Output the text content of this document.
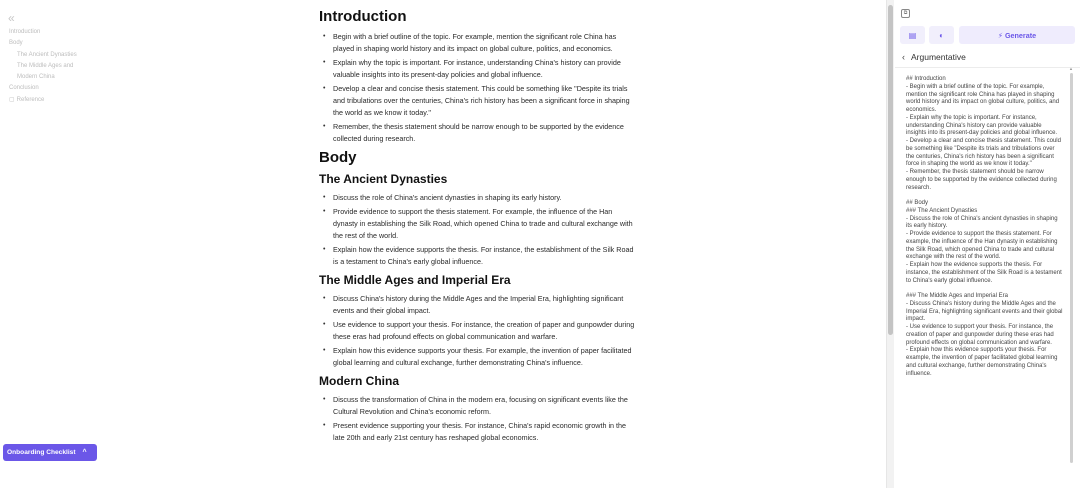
«
Introduction
Body
The Ancient Dynasties
The Middle Ages and
Modern China
Conclusion
▢ Reference
Onboarding Checklist ^
Introduction
• Begin with a brief outline of the topic. For example, mention the significant role China has played in shaping world history and its impact on global culture, politics, and economics.
• Explain why the topic is important. For instance, understanding China's history can provide valuable insights into its present-day policies and global influence.
• Develop a clear and concise thesis statement. This could be something like "Despite its trials and tribulations over the centuries, China's rich history has been a significant force in shaping the world as we know it today."
• Remember, the thesis statement should be narrow enough to be supported by the evidence collected during research.
Body
The Ancient Dynasties
• Discuss the role of China's ancient dynasties in shaping its early history.
• Provide evidence to support the thesis statement. For example, the influence of the Han dynasty in establishing the Silk Road, which opened China to trade and cultural exchange with the rest of the world.
• Explain how the evidence supports the thesis. For instance, the establishment of the Silk Road is a testament to China's early global influence.
The Middle Ages and Imperial Era
• Discuss China's history during the Middle Ages and the Imperial Era, highlighting significant events and their global impact.
• Use evidence to support your thesis. For instance, the creation of paper and gunpowder during these eras had profound effects on global communication and warfare.
• Explain how this evidence supports your thesis. For example, the invention of paper facilitated global learning and cultural exchange, further demonstrating China's influence.
Modern China
• Discuss the transformation of China in the modern era, focusing on significant events like the Cultural Revolution and China's economic reform.
• Present evidence supporting your thesis. For instance, China's rapid economic growth in the late 20th and early 21st century has reshaped global economics.
⧉
▤	◐	⚡ Generate
‹ Argumentative

## Introduction

- Begin with a brief outline of the topic. For example, mention the significant role China has played in shaping world history and its impact on global culture, politics, and economics.

- Explain why the topic is important. For instance, understanding China's history can provide valuable insights into its present-day policies and global influence.

- Develop a clear and concise thesis statement. This could be something like "Despite its trials and tribulations over the centuries, China's rich history has been a significant force in shaping the world as we know it today."

- Remember, the thesis statement should be narrow enough to be supported by the evidence collected during research.

## Body

### The Ancient Dynasties

- Discuss the role of China's ancient dynasties in shaping its early history.

- Provide evidence to support the thesis statement. For example, the influence of the Han dynasty in establishing the Silk Road, which opened China to trade and cultural exchange with the rest of the world.

- Explain how the evidence supports the thesis. For instance, the establishment of the Silk Road is a testament to China's early global influence.

### The Middle Ages and Imperial Era

- Discuss China's history during the Middle Ages and the Imperial Era, highlighting significant events and their global impact.

- Use evidence to support your thesis. For instance, the creation of paper and gunpowder during these eras had profound effects on global communication and warfare.

- Explain how this evidence supports your thesis. For example, the invention of paper facilitated global learning and cultural exchange, further demonstrating China's influence.

▲
